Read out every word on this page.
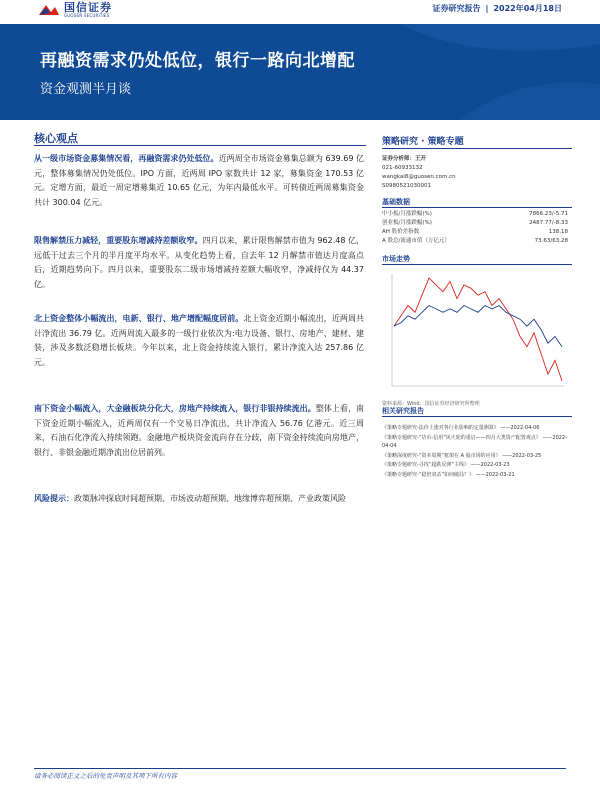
国信证券
GUOSEN SECURITIES
证券研究报告 | 2022年04月18日
再融资需求仍处低位，银行一路向北增配
资金观测半月谈
核心观点
从一级市场资金募集情况看，再融资需求仍处低位。近两周全市场资金募集总额为 639.69 亿元，整体募集情况仍处低位。IPO 方面，近两周 IPO 家数共计 12 家，募集资金 170.53 亿元。定增方面，最近一周定增募集近 10.65 亿元，为年内最低水平。可转债近两周募集资金共计 300.04 亿元。
限售解禁压力减轻，重要股东增减持差额收窄。四月以来，累计限售解禁市值为 962.48 亿，远低于过去三个月的半月度平均水平。从变化趋势上看，自去年 12 月解禁市值达月度高点后，近期趋势向下。四月以来，重要股东二级市场增减持差额大幅收窄，净减持仅为 44.37 亿。
北上资金整体小幅流出，电新、银行、地产增配幅度居前。北上资金近期小幅流出，近两周共计净流出 36.79 亿。近两周流入最多的一级行业依次为:电力设备、银行、房地产、建材、建装，涉及多数泛稳增长板块。今年以来，北上资金持续流入银行，累计净流入达 257.86 亿元。
南下资金小幅流入，大金融板块分化大，房地产持续流入，银行非银持续流出。整体上看，南下资金近期小幅流入，近两周仅有一个交易日净流出，共计净流入 56.76 亿港元。近三周来，石油石化净流入持续领跑。金融地产板块资金流向存在分歧，南下资金持续流向房地产，银行、非银金融近期净流出位居前列。
风险提示：政策脉冲探底时间超预期、市场波动超预期、地缘博弈超预期、产业政策风险
策略研究 · 策略专题
证券分析师：王开
021-60933132
wangkai8@guosen.com.cn
S0980521030001
基础数据
中小板/月涨跌幅(%)	7866.23/-5.71
创业板/月涨跌幅(%)	2487.77/-8.33
AH 股价差指数	138.18
A 股总/流通市值（万亿元）	73.63/63.28
市场走势
资料来源：Wind、国信证券经济研究所整理
相关研究报告
《策略专题研究-法价上涨对各行业影响的定量测算》 ——2022-04-06
《策略专题研究-“货币-信用”风火轮的重启——四月大类资产配置观点》 ——2022-04-04
《策略深度研究-“资本周期”框架在 A 股市场的应用》 ——2022-03-25
《策略专题研究-寻找“超跌反弹”主线》 ——2022-03-23
《策略专题研究-“稳倍双杀”如何破局？》 ——2022-03-21
请务必阅读正文之后的免责声明及其项下所有内容
